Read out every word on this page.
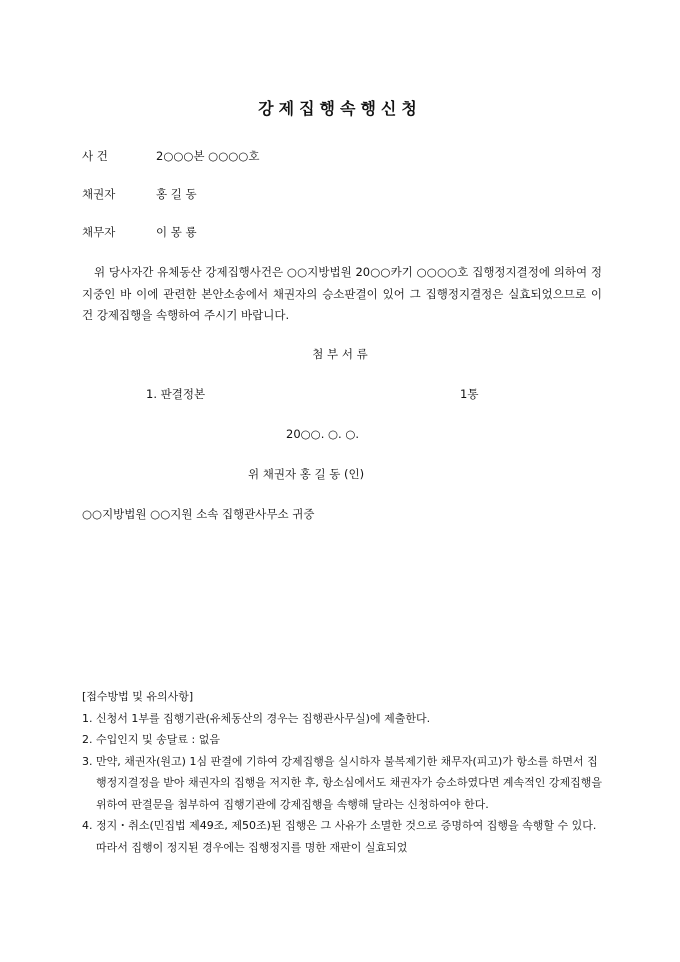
강제집행속행신청
사 건	2○○○본 ○○○○호
채권자	홍 길 동
채무자	이 몽 룡

위 당사자간 유체동산 강제집행사건은 ○○지방법원 20○○카기 ○○○○호 집행정지결정에 의하여 정지중인 바 이에 관련한 본안소송에서 채권자의 승소판결이 있어 그 집행정지결정은 실효되었으므로 이 건 강제집행을 속행하여 주시기 바랍니다.

첨 부 서 류
1. 판결정본	1통
20○○. ○. ○.
위 채권자 홍 길 동 (인)
○○지방법원 ○○지원 소속 집행관사무소 귀중
[접수방법 및 유의사항]
1. 신청서 1부를 집행기관(유체동산의 경우는 집행관사무실)에 제출한다.
2. 수입인지 및 송달료 : 없음
3. 만약, 채권자(원고) 1심 판결에 기하여 강제집행을 실시하자 불복제기한 채무자(피고)가 항소를 하면서 집행정지결정을 받아 채권자의 집행을 저지한 후, 항소심에서도 채권자가 승소하였다면 계속적인 강제집행을 위하여 판결문을 첨부하여 집행기관에 강제집행을 속행해 달라는 신청하여야 한다.
4. 정지・취소(민집법 제49조, 제50조)된 집행은 그 사유가 소멸한 것으로 증명하여 집행을 속행할 수 있다. 따라서 집행이 정지된 경우에는 집행정지를 명한 재판이 실효되었
